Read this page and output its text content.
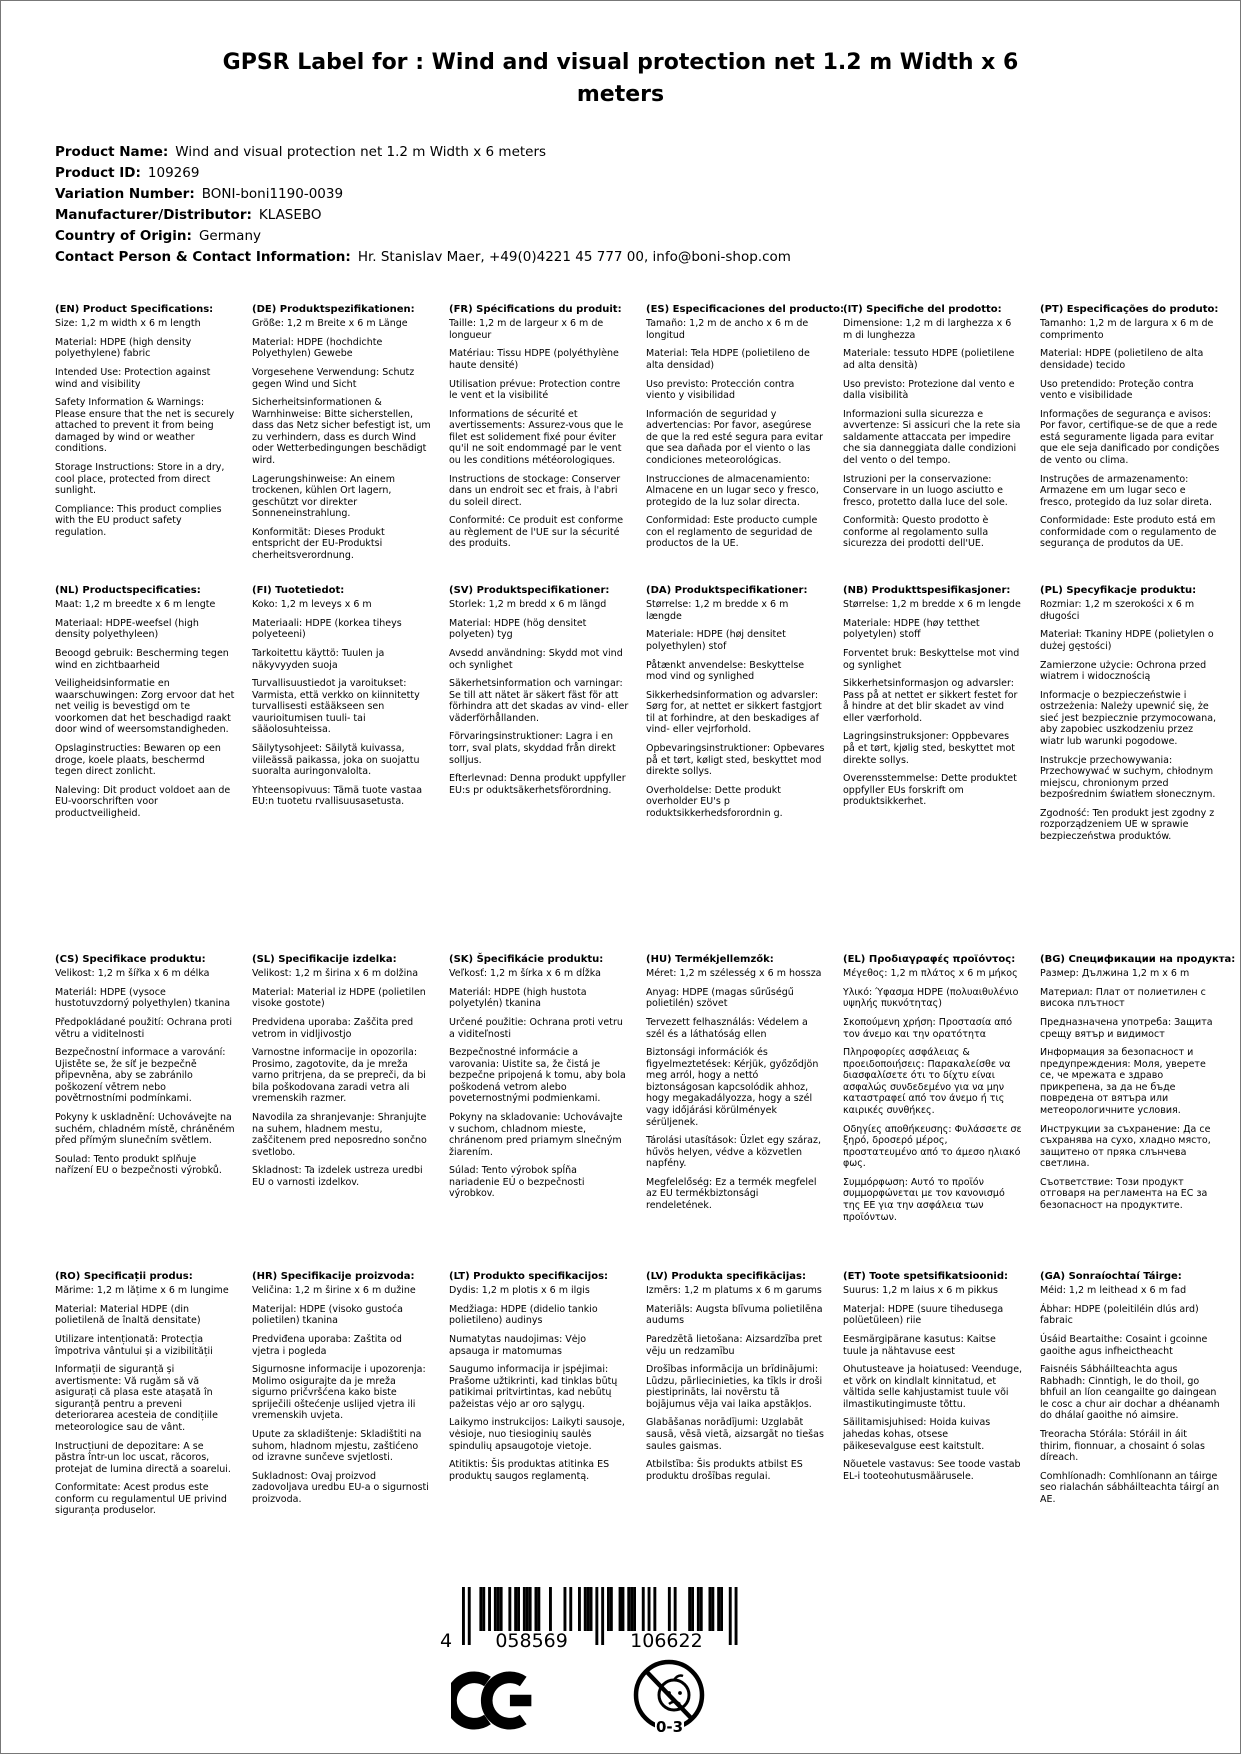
GPSR Label for : Wind and visual protection net 1.2 m Width x 6 meters
Product Name: Wind and visual protection net 1.2 m Width x 6 meters
Product ID: 109269
Variation Number: BONI-boni1190-0039
Manufacturer/Distributor: KLASEBO
Country of Origin: Germany
Contact Person & Contact Information: Hr. Stanislav Maer, +49(0)4221 45 777 00, info@boni-shop.com
(EN) Product Specifications:

Size: 1,2 m width x 6 m length

Material: HDPE (high density polyethylene) fabric

Intended Use: Protection against wind and visibility

Safety Information & Warnings: Please ensure that the net is securely attached to prevent it from being damaged by wind or weather conditions.

Storage Instructions: Store in a dry, cool place, protected from direct sunlight.

Compliance: This product complies with the EU product safety regulation.

(DE) Produktspezifikationen:

Größe: 1,2 m Breite x 6 m Länge

Material: HDPE (hochdichte Polyethylen) Gewebe

Vorgesehene Verwendung: Schutz gegen Wind und Sicht

Sicherheitsinformationen & Warnhinweise: Bitte sicherstellen, dass das Netz sicher befestigt ist, um zu verhindern, dass es durch Wind oder Wetterbedingungen beschädigt wird.

Lagerungshinweise: An einem trockenen, kühlen Ort lagern, geschützt vor direkter Sonneneinstrahlung.

Konformität: Dieses Produkt entspricht der EU-Produktsi cherheitsverordnung.

(FR) Spécifications du produit:

Taille: 1,2 m de largeur x 6 m de longueur

Matériau: Tissu HDPE (polyéthylène haute densité)

Utilisation prévue: Protection contre le vent et la visibilité

Informations de sécurité et avertissements: Assurez-vous que le filet est solidement fixé pour éviter qu'il ne soit endommagé par le vent ou les conditions météorologiques.

Instructions de stockage: Conserver dans un endroit sec et frais, à l'abri du soleil direct.

Conformité: Ce produit est conforme au règlement de l'UE sur la sécurité des produits.

(ES) Especificaciones del producto:

Tamaño: 1,2 m de ancho x 6 m de longitud

Material: Tela HDPE (polietileno de alta densidad)

Uso previsto: Protección contra viento y visibilidad

Información de seguridad y advertencias: Por favor, asegúrese de que la red esté segura para evitar que sea dañada por el viento o las condiciones meteorológicas.

Instrucciones de almacenamiento: Almacene en un lugar seco y fresco, protegido de la luz solar directa.

Conformidad: Este producto cumple con el reglamento de seguridad de productos de la UE.

(IT) Specifiche del prodotto:

Dimensione: 1,2 m di larghezza x 6 m di lunghezza

Materiale: tessuto HDPE (polietilene ad alta densità)

Uso previsto: Protezione dal vento e dalla visibilità

Informazioni sulla sicurezza e avvertenze: Si assicuri che la rete sia saldamente attaccata per impedire che sia danneggiata dalle condizioni del vento o del tempo.

Istruzioni per la conservazione: Conservare in un luogo asciutto e fresco, protetto dalla luce del sole.

Conformità: Questo prodotto è conforme al regolamento sulla sicurezza dei prodotti dell'UE.

(PT) Especificações do produto:

Tamanho: 1,2 m de largura x 6 m de comprimento

Material: HDPE (polietileno de alta densidade) tecido

Uso pretendido: Proteção contra vento e visibilidade

Informações de segurança e avisos: Por favor, certifique-se de que a rede está seguramente ligada para evitar que ele seja danificado por condições de vento ou clima.

Instruções de armazenamento: Armazene em um lugar seco e fresco, protegido da luz solar direta.

Conformidade: Este produto está em conformidade com o regulamento de segurança de produtos da UE.

(NL) Productspecificaties:

Maat: 1,2 m breedte x 6 m lengte

Materiaal: HDPE-weefsel (high density polyethyleen)

Beoogd gebruik: Bescherming tegen wind en zichtbaarheid

Veiligheidsinformatie en waarschuwingen: Zorg ervoor dat het net veilig is bevestigd om te voorkomen dat het beschadigd raakt door wind of weersomstandigheden.

Opslaginstructies: Bewaren op een droge, koele plaats, beschermd tegen direct zonlicht.

Naleving: Dit product voldoet aan de EU-voorschriften voor productveiligheid.

(FI) Tuotetiedot:

Koko: 1,2 m leveys x 6 m

Materiaali: HDPE (korkea tiheys polyeteeni)

Tarkoitettu käyttö: Tuulen ja näkyvyyden suoja

Turvallisuustiedot ja varoitukset: Varmista, että verkko on kiinnitetty turvallisesti estääkseen sen vaurioitumisen tuuli- tai sääolosuhteissa.

Säilytysohjeet: Säilytä kuivassa, viileässä paikassa, joka on suojattu suoralta auringonvalolta.

Yhteensopivuus: Tämä tuote vastaa EU:n tuotetu rvallisuusasetusta.

(SV) Produktspecifikationer:

Storlek: 1,2 m bredd x 6 m längd

Material: HDPE (hög densitet polyeten) tyg

Avsedd användning: Skydd mot vind och synlighet

Säkerhetsinformation och varningar: Se till att nätet är säkert fäst för att förhindra att det skadas av vind- eller väderförhållanden.

Förvaringsinstruktioner: Lagra i en torr, sval plats, skyddad från direkt solljus.

Efterlevnad: Denna produkt uppfyller EU:s pr oduktsäkerhetsförordning.

(DA) Produktspecifikationer:

Størrelse: 1,2 m bredde x 6 m længde

Materiale: HDPE (høj densitet polyethylen) stof

Påtænkt anvendelse: Beskyttelse mod vind og synlighed

Sikkerhedsinformation og advarsler: Sørg for, at nettet er sikkert fastgjort til at forhindre, at den beskadiges af vind- eller vejrforhold.

Opbevaringsinstruktioner: Opbevares på et tørt, køligt sted, beskyttet mod direkte sollys.

Overholdelse: Dette produkt overholder EU's p roduktsikkerhedsforordnin g.

(NB) Produkttspesifikasjoner:

Størrelse: 1,2 m bredde x 6 m lengde

Materiale: HDPE (høy tetthet polyetylen) stoff

Forventet bruk: Beskyttelse mot vind og synlighet

Sikkerhetsinformasjon og advarsler: Pass på at nettet er sikkert festet for å hindre at det blir skadet av vind eller værforhold.

Lagringsinstruksjoner: Oppbevares på et tørt, kjølig sted, beskyttet mot direkte sollys.

Overensstemmelse: Dette produktet oppfyller EUs forskrift om produktsikkerhet.

(PL) Specyfikacje produktu:

Rozmiar: 1,2 m szerokości x 6 m długości

Materiał: Tkaniny HDPE (polietylen o dużej gęstości)

Zamierzone użycie: Ochrona przed wiatrem i widocznością

Informacje o bezpieczeństwie i ostrzeżenia: Należy upewnić się, że sieć jest bezpiecznie przymocowana, aby zapobiec uszkodzeniu przez wiatr lub warunki pogodowe.

Instrukcje przechowywania: Przechowywać w suchym, chłodnym miejscu, chronionym przed bezpośrednim światłem słonecznym.

Zgodność: Ten produkt jest zgodny z rozporządzeniem UE w sprawie bezpieczeństwa produktów.

(CS) Specifikace produktu:

Velikost: 1,2 m šířka x 6 m délka

Materiál: HDPE (vysoce hustotuvzdorný polyethylen) tkanina

Předpokládané použití: Ochrana proti větru a viditelnosti

Bezpečnostní informace a varování: Ujistěte se, že síť je bezpečně připevněna, aby se zabránilo poškození větrem nebo povětrnostními podmínkami.

Pokyny k uskladnění: Uchovávejte na suchém, chladném místě, chráněném před přímým slunečním světlem.

Soulad: Tento produkt splňuje nařízení EU o bezpečnosti výrobků.

(SL) Specifikacije izdelka:

Velikost: 1,2 m širina x 6 m dolžina

Material: Material iz HDPE (polietilen visoke gostote)

Predvidena uporaba: Zaščita pred vetrom in vidljivostjo

Varnostne informacije in opozorila: Prosimo, zagotovite, da je mreža varno pritrjena, da se prepreči, da bi bila poškodovana zaradi vetra ali vremenskih razmer.

Navodila za shranjevanje: Shranjujte na suhem, hladnem mestu, zaščitenem pred neposredno sončno svetlobo.

Skladnost: Ta izdelek ustreza uredbi EU o varnosti izdelkov.

(SK) Špecifikácie produktu:

Veľkosť: 1,2 m šírka x 6 m dĺžka

Materiál: HDPE (high hustota polyetylén) tkanina

Určené použitie: Ochrana proti vetru a viditeľnosti

Bezpečnostné informácie a varovania: Uistite sa, že čistá je bezpečne pripojená k tomu, aby bola poškodená vetrom alebo poveternostnými podmienkami.

Pokyny na skladovanie: Uchovávajte v suchom, chladnom mieste, chránenom pred priamym slnečným žiarením.

Súlad: Tento výrobok spĺňa nariadenie EÚ o bezpečnosti výrobkov.

(HU) Termékjellemzők:

Méret: 1,2 m szélesség x 6 m hossza

Anyag: HDPE (magas sűrűségű polietilén) szövet

Tervezett felhasználás: Védelem a szél és a láthatóság ellen

Biztonsági információk és figyelmeztetések: Kérjük, győződjön meg arról, hogy a nettó biztonságosan kapcsolódik ahhoz, hogy megakadályozza, hogy a szél vagy időjárási körülmények sérüljenek.

Tárolási utasítások: Üzlet egy száraz, hűvös helyen, védve a közvetlen napfény.

Megfelelőség: Ez a termék megfelel az EU termékbiztonsági rendeletének.

(EL) Προδιαγραφές προϊόντος:

Μέγεθος: 1,2 m πλάτος x 6 m μήκος

Υλικό: Ύφασμα HDPE (πολυαιθυλένιο υψηλής πυκνότητας)

Σκοπούμενη χρήση: Προστασία από τον άνεμο και την ορατότητα

Πληροφορίες ασφάλειας & προειδοποιήσεις: Παρακαλείσθε να διασφαλίσετε ότι το δίχτυ είναι ασφαλώς συνδεδεμένο για να μην καταστραφεί από τον άνεμο ή τις καιρικές συνθήκες.

Οδηγίες αποθήκευσης: Φυλάσσετε σε ξηρό, δροσερό μέρος, προστατευμένο από το άμεσο ηλιακό φως.

Συμμόρφωση: Αυτό το προϊόν συμμορφώνεται με τον κανονισμό της ΕΕ για την ασφάλεια των προϊόντων.

(BG) Спецификации на продукта:

Размер: Дължина 1,2 m x 6 m

Материал: Плат от полиетилен с висока плътност

Предназначена употреба: Защита срещу вятър и видимост

Информация за безопасност и предупреждения: Моля, уверете се, че мрежата е здраво прикрепена, за да не бъде повредена от вятъра или метеорологичните условия.

Инструкции за съхранение: Да се съхранява на сухо, хладно място, защитено от пряка слънчева светлина.

Съответствие: Този продукт отговаря на регламента на ЕС за безопасност на продуктите.

(RO) Specificații produs:

Mărime: 1,2 m lățime x 6 m lungime

Material: Material HDPE (din polietilenă de înaltă densitate)

Utilizare intenționată: Protecția împotriva vântului și a vizibilității

Informații de siguranță și avertismente: Vă rugăm să vă asigurați că plasa este atașată în siguranță pentru a preveni deteriorarea acesteia de condițiile meteorologice sau de vânt.

Instrucțiuni de depozitare: A se păstra într-un loc uscat, răcoros, protejat de lumina directă a soarelui.

Conformitate: Acest produs este conform cu regulamentul UE privind siguranța produselor.

(HR) Specifikacije proizvoda:

Veličina: 1,2 m širine x 6 m dužine

Materijal: HDPE (visoko gustoća polietilen) tkanina

Predviđena uporaba: Zaštita od vjetra i pogleda

Sigurnosne informacije i upozorenja: Molimo osigurajte da je mreža sigurno pričvršćena kako biste spriječili oštećenje uslijed vjetra ili vremenskih uvjeta.

Upute za skladištenje: Skladištiti na suhom, hladnom mjestu, zaštićeno od izravne sunčeve svjetlosti.

Sukladnost: Ovaj proizvod zadovoljava uredbu EU-a o sigurnosti proizvoda.

(LT) Produkto specifikacijos:

Dydis: 1,2 m plotis x 6 m ilgis

Medžiaga: HDPE (didelio tankio polietileno) audinys

Numatytas naudojimas: Vėjo apsauga ir matomumas

Saugumo informacija ir įspėjimai: Prašome užtikrinti, kad tinklas būtų patikimai pritvirtintas, kad nebūtų pažeistas vėjo ar oro sąlygų.

Laikymo instrukcijos: Laikyti sausoje, vėsioje, nuo tiesioginių saulės spindulių apsaugotoje vietoje.

Atitiktis: Šis produktas atitinka ES produktų saugos reglamentą.

(LV) Produkta specifikācijas:

Izmērs: 1,2 m platums x 6 m garums

Materiāls: Augsta blīvuma polietilēna audums

Paredzētā lietošana: Aizsardzība pret vēju un redzamību

Drošības informācija un brīdinājumi: Lūdzu, pārliecinieties, ka tīkls ir droši piestiprināts, lai novērstu tā bojājumus vēja vai laika apstākļos.

Glabāšanas norādījumi: Uzglabāt sausā, vēsā vietā, aizsargāt no tiešas saules gaismas.

Atbilstība: Šis produkts atbilst ES produktu drošības regulai.

(ET) Toote spetsifikatsioonid:

Suurus: 1,2 m laius x 6 m pikkus

Materjal: HDPE (suure tihedusega polüetüleen) riie

Eesmärgipärane kasutus: Kaitse tuule ja nähtavuse eest

Ohutusteave ja hoiatused: Veenduge, et võrk on kindlalt kinnitatud, et vältida selle kahjustamist tuule või ilmastikutingimuste tõttu.

Säilitamisjuhised: Hoida kuivas jahedas kohas, otsese päikesevalguse eest kaitstult.

Nõuetele vastavus: See toode vastab EL-i tooteohutusmäärusele.

(GA) Sonraíochtaí Táirge:

Méid: 1,2 m leithead x 6 m fad

Ábhar: HDPE (poleitiléin dlús ard) fabraic

Úsáid Beartaithe: Cosaint i gcoinne gaoithe agus infheictheacht

Faisnéis Sábháilteachta agus Rabhadh: Cinntigh, le do thoil, go bhfuil an líon ceangailte go daingean le cosc a chur air dochar a dhéanamh do dhálaí gaoithe nó aimsire.

Treoracha Stórála: Stóráil in áit thirim, fionnuar, a chosaint ó solas díreach.

Comhlíonadh: Comhlíonann an táirge seo rialachán sábháilteachta táirgí an AE.

4 058569	106622
0-3
